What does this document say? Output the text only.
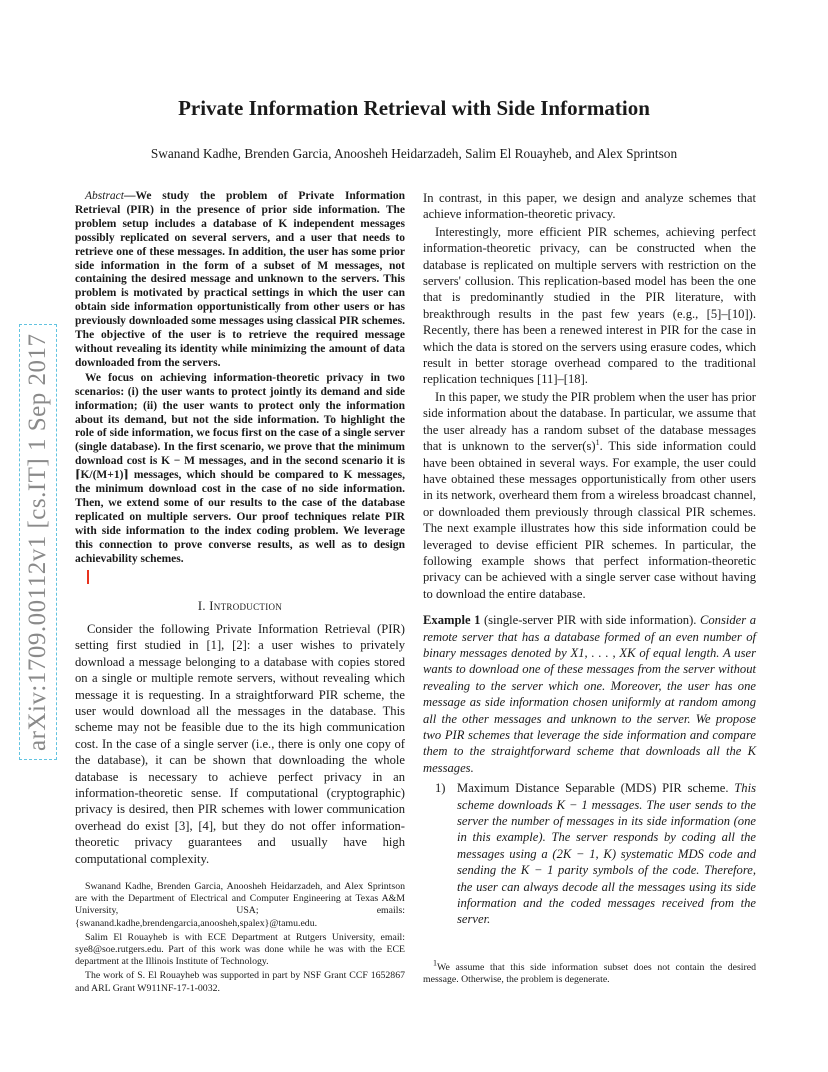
Private Information Retrieval with Side Information

Swanand Kadhe, Brenden Garcia, Anoosheh Heidarzadeh, Salim El Rouayheb, and Alex Sprintson

arXiv:1709.00112v1 [cs.IT] 1 Sep 2017

Abstract—We study the problem of Private Information Retrieval (PIR) in the presence of prior side information. The problem setup includes a database of K independent messages possibly replicated on several servers, and a user that needs to retrieve one of these messages. In addition, the user has some prior side information in the form of a subset of M messages, not containing the desired message and unknown to the servers. This problem is motivated by practical settings in which the user can obtain side information opportunistically from other users or has previously downloaded some messages using classical PIR schemes. The objective of the user is to retrieve the required message without revealing its identity while minimizing the amount of data downloaded from the servers.

We focus on achieving information-theoretic privacy in two scenarios: (i) the user wants to protect jointly its demand and side information; (ii) the user wants to protect only the information about its demand, but not the side information. To highlight the role of side information, we focus first on the case of a single server (single database). In the first scenario, we prove that the minimum download cost is K − M messages, and in the second scenario it is ⌈K/(M+1)⌉ messages, which should be compared to K messages, the minimum download cost in the case of no side information. Then, we extend some of our results to the case of the database replicated on multiple servers. Our proof techniques relate PIR with side information to the index coding problem. We leverage this connection to prove converse results, as well as to design achievability schemes.

I. Introduction

Consider the following Private Information Retrieval (PIR) setting first studied in [1], [2]: a user wishes to privately download a message belonging to a database with copies stored on a single or multiple remote servers, without revealing which message it is requesting. In a straightforward PIR scheme, the user would download all the messages in the database. This scheme may not be feasible due to the its high communication cost. In the case of a single server (i.e., there is only one copy of the database), it can be shown that downloading the whole database is necessary to achieve perfect privacy in an information-theoretic sense. If computational (cryptographic) privacy is desired, then PIR schemes with lower communication overhead do exist [3], [4], but they do not offer information-theoretic privacy guarantees and usually have high computational complexity.

Swanand Kadhe, Brenden Garcia, Anoosheh Heidarzadeh, and Alex Sprintson are with the Department of Electrical and Computer Engineering at Texas A&M University, USA; emails:{swanand.kadhe,brendengarcia,anoosheh,spalex}@tamu.edu.

Salim El Rouayheb is with ECE Department at Rutgers University, email: sye8@soe.rutgers.edu. Part of this work was done while he was with the ECE department at the Illinois Institute of Technology.

The work of S. El Rouayheb was supported in part by NSF Grant CCF 1652867 and ARL Grant W911NF-17-1-0032.

In contrast, in this paper, we design and analyze schemes that achieve information-theoretic privacy.

Interestingly, more efficient PIR schemes, achieving perfect information-theoretic privacy, can be constructed when the database is replicated on multiple servers with restriction on the servers' collusion. This replication-based model has been the one that is predominantly studied in the PIR literature, with breakthrough results in the past few years (e.g., [5]–[10]). Recently, there has been a renewed interest in PIR for the case in which the data is stored on the servers using erasure codes, which result in better storage overhead compared to the traditional replication techniques [11]–[18].

In this paper, we study the PIR problem when the user has prior side information about the database. In particular, we assume that the user already has a random subset of the database messages that is unknown to the $server(s)^1$. This side information could have been obtained in several ways. For example, the user could have obtained these messages opportunistically from other users in its network, overheard them from a wireless broadcast channel, or downloaded them previously through classical PIR schemes. The next example illustrates how this side information could be leveraged to devise efficient PIR schemes. In particular, the following example shows that perfect information-theoretic privacy can be achieved with a single server case without having to download the entire database.

Example 1 (single-server PIR with side information). Consider a remote server that has a database formed of an even number of binary messages denoted by X1, . . . , XK of equal length. A user wants to download one of these messages from the server without revealing to the server which one. Moreover, the user has one message as side information chosen uniformly at random among all the other messages and unknown to the server. We propose two PIR schemes that leverage the side information and compare them to the straightforward scheme that downloads all the K messages.

1) Maximum Distance Separable (MDS) PIR scheme. This scheme downloads K − 1 messages. The user sends to the server the number of messages in its side information (one in this example). The server responds by coding all the messages using a (2K − 1, K) systematic MDS code and sending the K − 1 parity symbols of the code. Therefore, the user can always decode all the messages using its side information and the coded messages received from the server.

$^1$We assume that this side information subset does not contain the desired message. Otherwise, the problem is degenerate.
